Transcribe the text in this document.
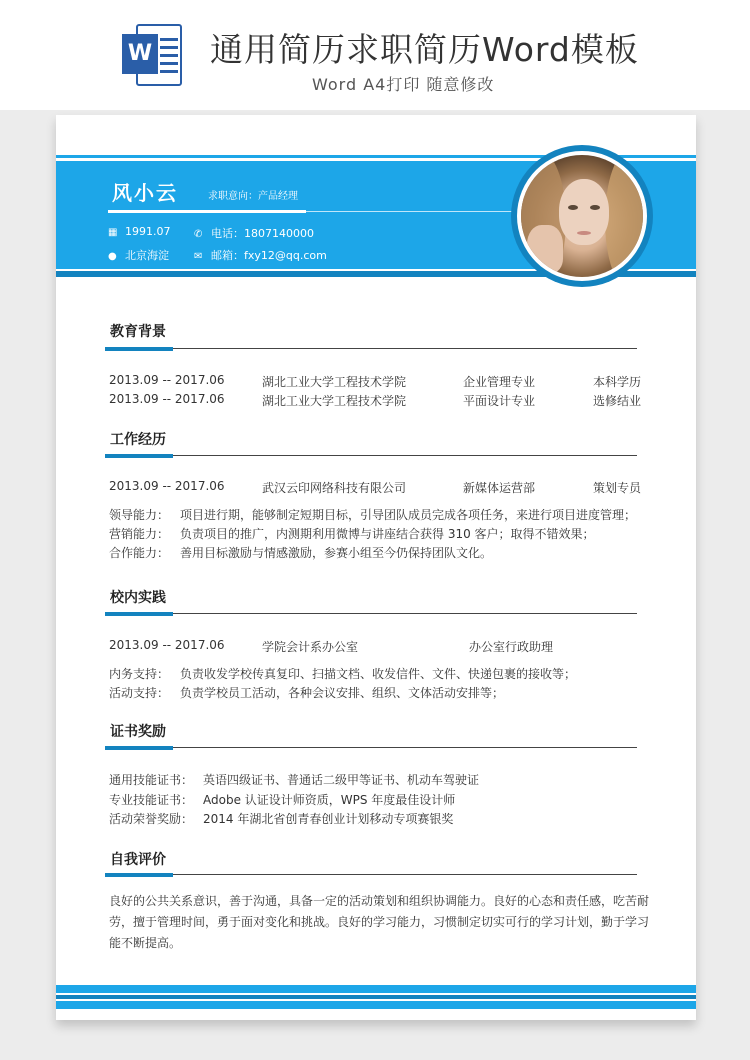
W 通用简历求职简历Word模板
Word A4打印 随意修改
风小云	求职意向：产品经理
▦ 1991.07 ✆ 电话：1807140000
● 北京海淀	✉ 邮箱：fxy12@qq.com
教育背景
2013.09 -- 2017.06	湖北工业大学工程技术学院	企业管理专业	本科学历
2013.09 -- 2017.06	湖北工业大学工程技术学院	平面设计专业	选修结业
工作经历
2013.09 -- 2017.06	武汉云印网络科技有限公司	新媒体运营部	策划专员
领导能力： 项目进行期，能够制定短期目标，引导团队成员完成各项任务，来进行项目进度管理；
营销能力： 负责项目的推广，内测期利用微博与讲座结合获得 310 客户；取得不错效果；
合作能力： 善用目标激励与情感激励，参赛小组至今仍保持团队文化。
校内实践
2013.09 -- 2017.06	学院会计系办公室	办公室行政助理
内务支持： 负责收发学校传真复印、扫描文档、收发信件、文件、快递包裹的接收等；
活动支持： 负责学校员工活动，各种会议安排、组织、文体活动安排等；
证书奖励
通用技能证书： 英语四级证书、普通话二级甲等证书、机动车驾驶证
专业技能证书： Adobe 认证设计师资质，WPS 年度最佳设计师
活动荣誉奖励： 2014 年湖北省创青春创业计划移动专项赛银奖
自我评价
良好的公共关系意识，善于沟通，具备一定的活动策划和组织协调能力。良好的心态和责任感，吃苦耐劳，擅于管理时间，勇于面对变化和挑战。良好的学习能力，习惯制定切实可行的学习计划，勤于学习能不断提高。
